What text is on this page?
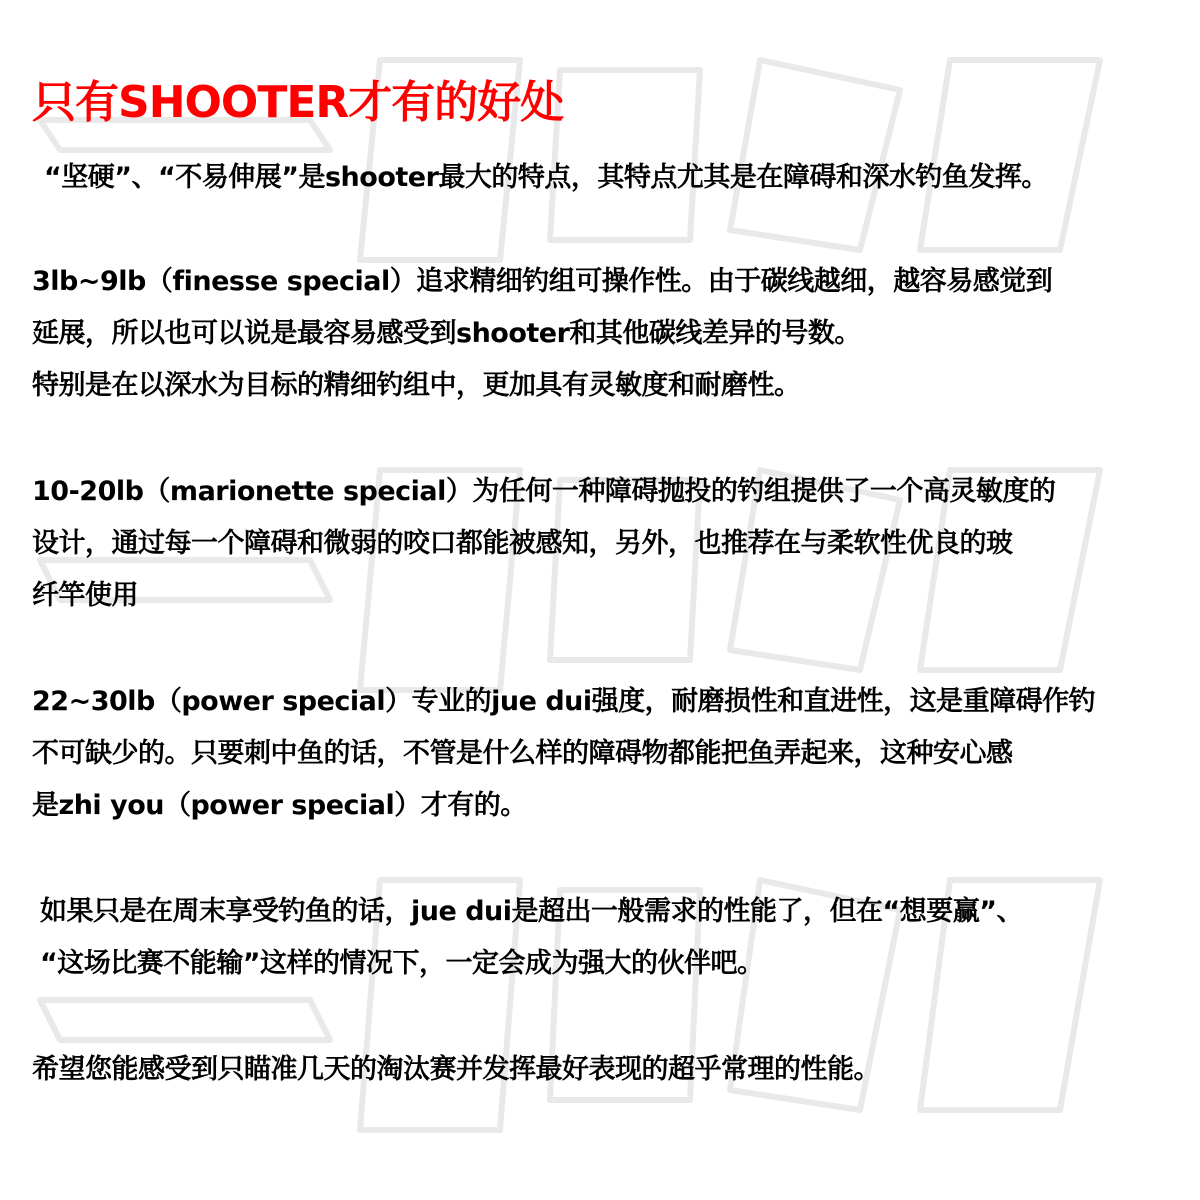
只有SHOOTER才有的好处

“坚硬”、“不易伸展”是shooter最大的特点，其特点尤其是在障碍和深水钓鱼发挥。

3lb~9lb（finesse special）追求精细钓组可操作性。由于碳线越细，越容易感觉到
延展，所以也可以说是最容易感受到shooter和其他碳线差异的号数。
特别是在以深水为目标的精细钓组中，更加具有灵敏度和耐磨性。

10-20lb（marionette special）为任何一种障碍抛投的钓组提供了一个高灵敏度的
设计，通过每一个障碍和微弱的咬口都能被感知，另外，也推荐在与柔软性优良的玻
纤竿使用

22~30lb（power special）专业的jue dui强度，耐磨损性和直进性，这是重障碍作钓
不可缺少的。只要刺中鱼的话，不管是什么样的障碍物都能把鱼弄起来，这种安心感
是zhi you（power special）才有的。

如果只是在周末享受钓鱼的话，jue dui是超出一般需求的性能了，但在“想要赢”、
“这场比赛不能输”这样的情况下，一定会成为强大的伙伴吧。

希望您能感受到只瞄准几天的淘汰赛并发挥最好表现的超乎常理的性能。
